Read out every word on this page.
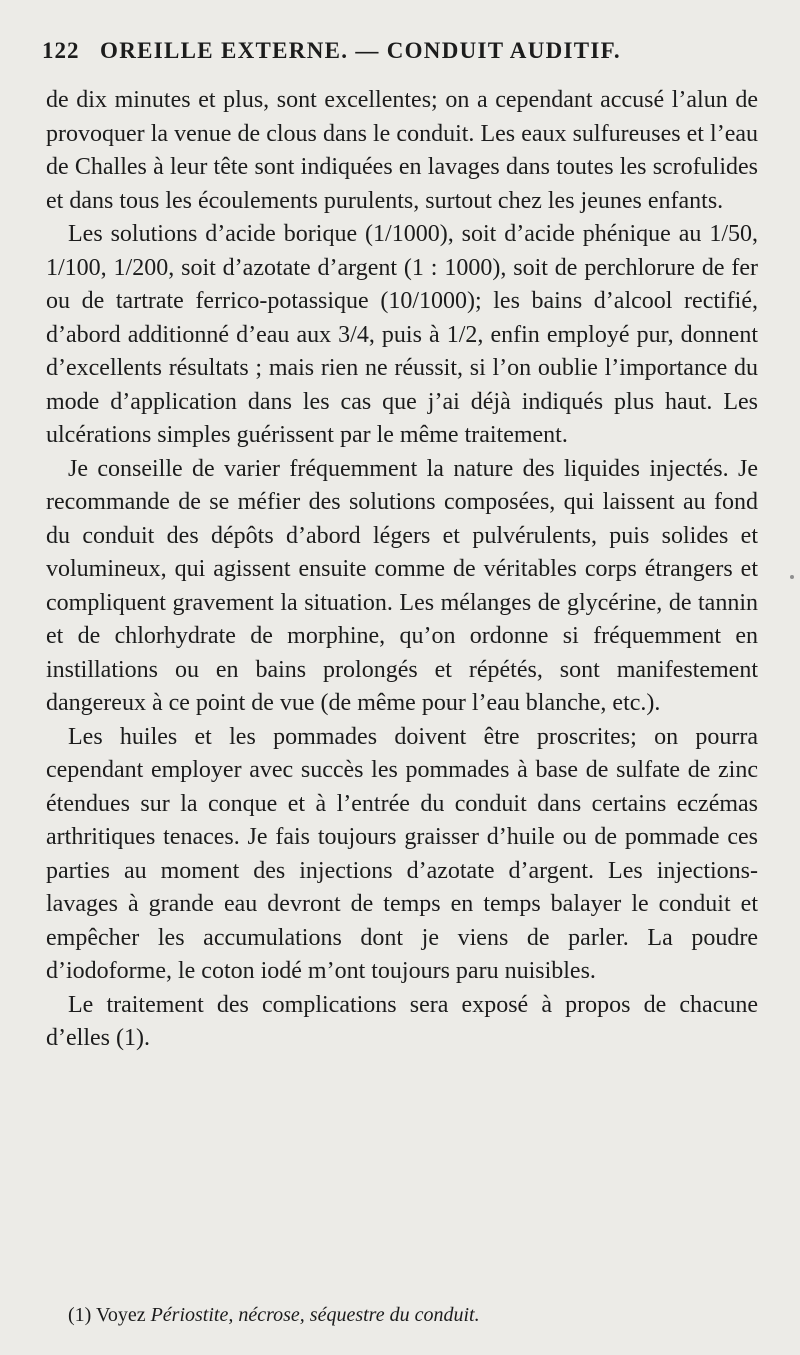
122 OREILLE EXTERNE. — CONDUIT AUDITIF.

de dix minutes et plus, sont excellentes; on a cependant accusé l’alun de provoquer la venue de clous dans le conduit. Les eaux sulfureuses et l’eau de Challes à leur tête sont indiquées en lavages dans toutes les scrofulides et dans tous les écoulements purulents, surtout chez les jeunes enfants.

Les solutions d’acide borique (1/1000), soit d’acide phénique au 1/50, 1/100, 1/200, soit d’azotate d’argent (1 : 1000), soit de perchlorure de fer ou de tartrate ferrico-potassique (10/1000); les bains d’alcool rectifié, d’abord additionné d’eau aux 3/4, puis à 1/2, enfin employé pur, donnent d’excellents résultats ; mais rien ne réussit, si l’on oublie l’importance du mode d’application dans les cas que j’ai déjà indiqués plus haut. Les ulcérations simples guérissent par le même traitement.

Je conseille de varier fréquemment la nature des liquides injectés. Je recommande de se méfier des solutions composées, qui laissent au fond du conduit des dépôts d’abord légers et pulvérulents, puis solides et volumineux, qui agissent ensuite comme de véritables corps étrangers et compliquent gravement la situation. Les mélanges de glycérine, de tannin et de chlorhydrate de morphine, qu’on ordonne si fréquemment en instillations ou en bains prolongés et répétés, sont manifestement dangereux à ce point de vue (de même pour l’eau blanche, etc.).

Les huiles et les pommades doivent être proscrites; on pourra cependant employer avec succès les pommades à base de sulfate de zinc étendues sur la conque et à l’entrée du conduit dans certains eczémas arthritiques tenaces. Je fais toujours graisser d’huile ou de pommade ces parties au moment des injections d’azotate d’argent. Les injections-lavages à grande eau devront de temps en temps balayer le conduit et empêcher les accumulations dont je viens de parler. La poudre d’iodoforme, le coton iodé m’ont toujours paru nuisibles.

Le traitement des complications sera exposé à propos de chacune d’elles (1).

(1) Voyez Périostite, nécrose, séquestre du conduit.
